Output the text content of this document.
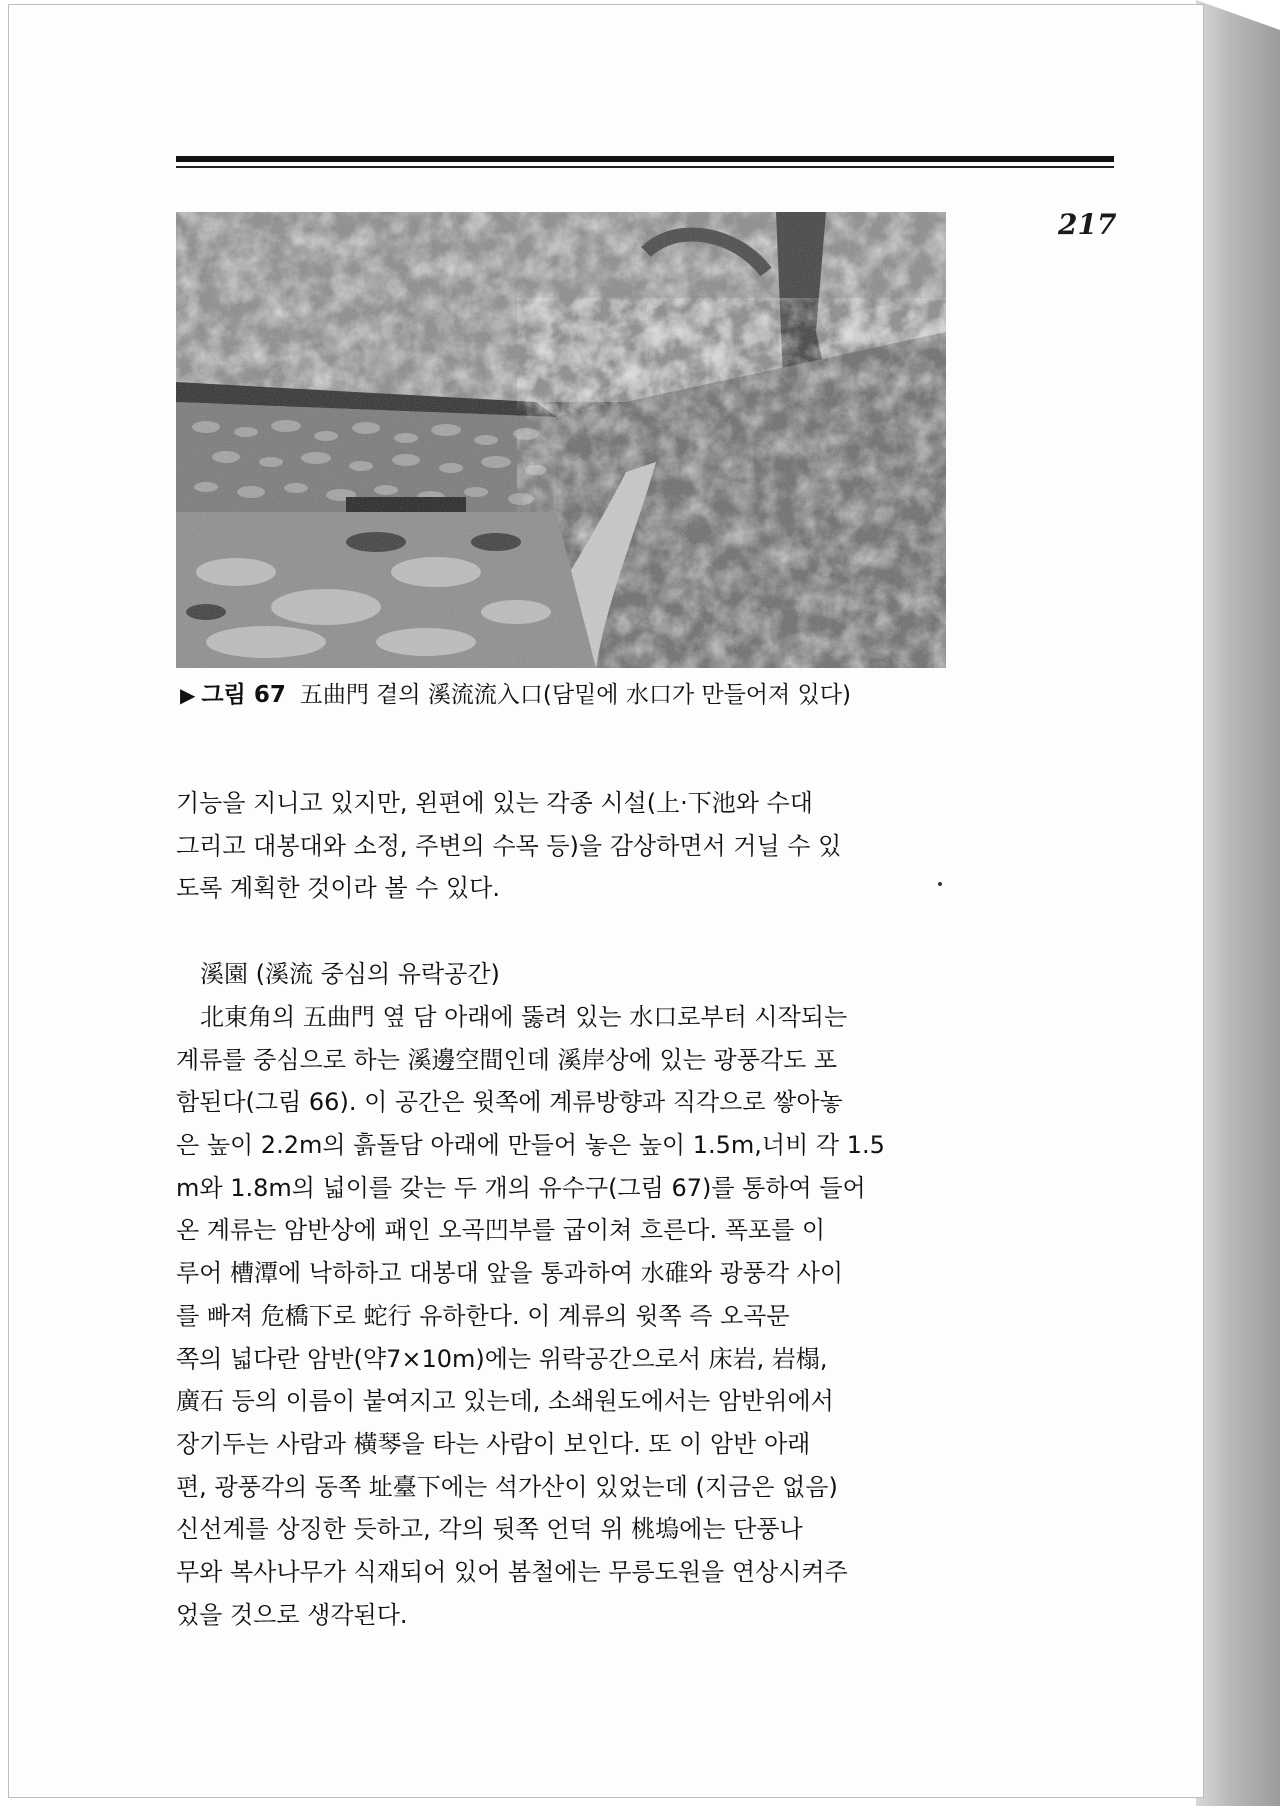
217
▶ 그림 67 五曲門 곁의 溪流流入口(담밑에 水口가 만들어져 있다)
기능을 지니고 있지만, 왼편에 있는 각종 시설(上·下池와 수대
그리고 대봉대와 소정, 주변의 수목 등)을 감상하면서 거닐 수 있
도록 계획한 것이라 볼 수 있다.
溪園 (溪流 중심의 유락공간)
北東角의 五曲門 옆 담 아래에 뚫려 있는 水口로부터 시작되는
계류를 중심으로 하는 溪邊空間인데 溪岸상에 있는 광풍각도 포
함된다(그림 66). 이 공간은 윗쪽에 계류방향과 직각으로 쌓아놓
은 높이 2.2m의 흙돌담 아래에 만들어 놓은 높이 1.5m,너비 각 1.5
m와 1.8m의 넓이를 갖는 두 개의 유수구(그림 67)를 통하여 들어
온 계류는 암반상에 패인 오곡凹부를 굽이쳐 흐른다. 폭포를 이
루어 槽潭에 낙하하고 대봉대 앞을 통과하여 水碓와 광풍각 사이
를 빠져 危橋下로 蛇行 유하한다. 이 계류의 윗쪽 즉 오곡문
쪽의 넓다란 암반(약7×10m)에는 위락공간으로서 床岩, 岩榻,
廣石 등의 이름이 붙여지고 있는데, 소쇄원도에서는 암반위에서
장기두는 사람과 橫琴을 타는 사람이 보인다. 또 이 암반 아래
편, 광풍각의 동쪽 址臺下에는 석가산이 있었는데 (지금은 없음)
신선계를 상징한 듯하고, 각의 뒷쪽 언덕 위 桃塢에는 단풍나
무와 복사나무가 식재되어 있어 봄철에는 무릉도원을 연상시켜주
었을 것으로 생각된다.
